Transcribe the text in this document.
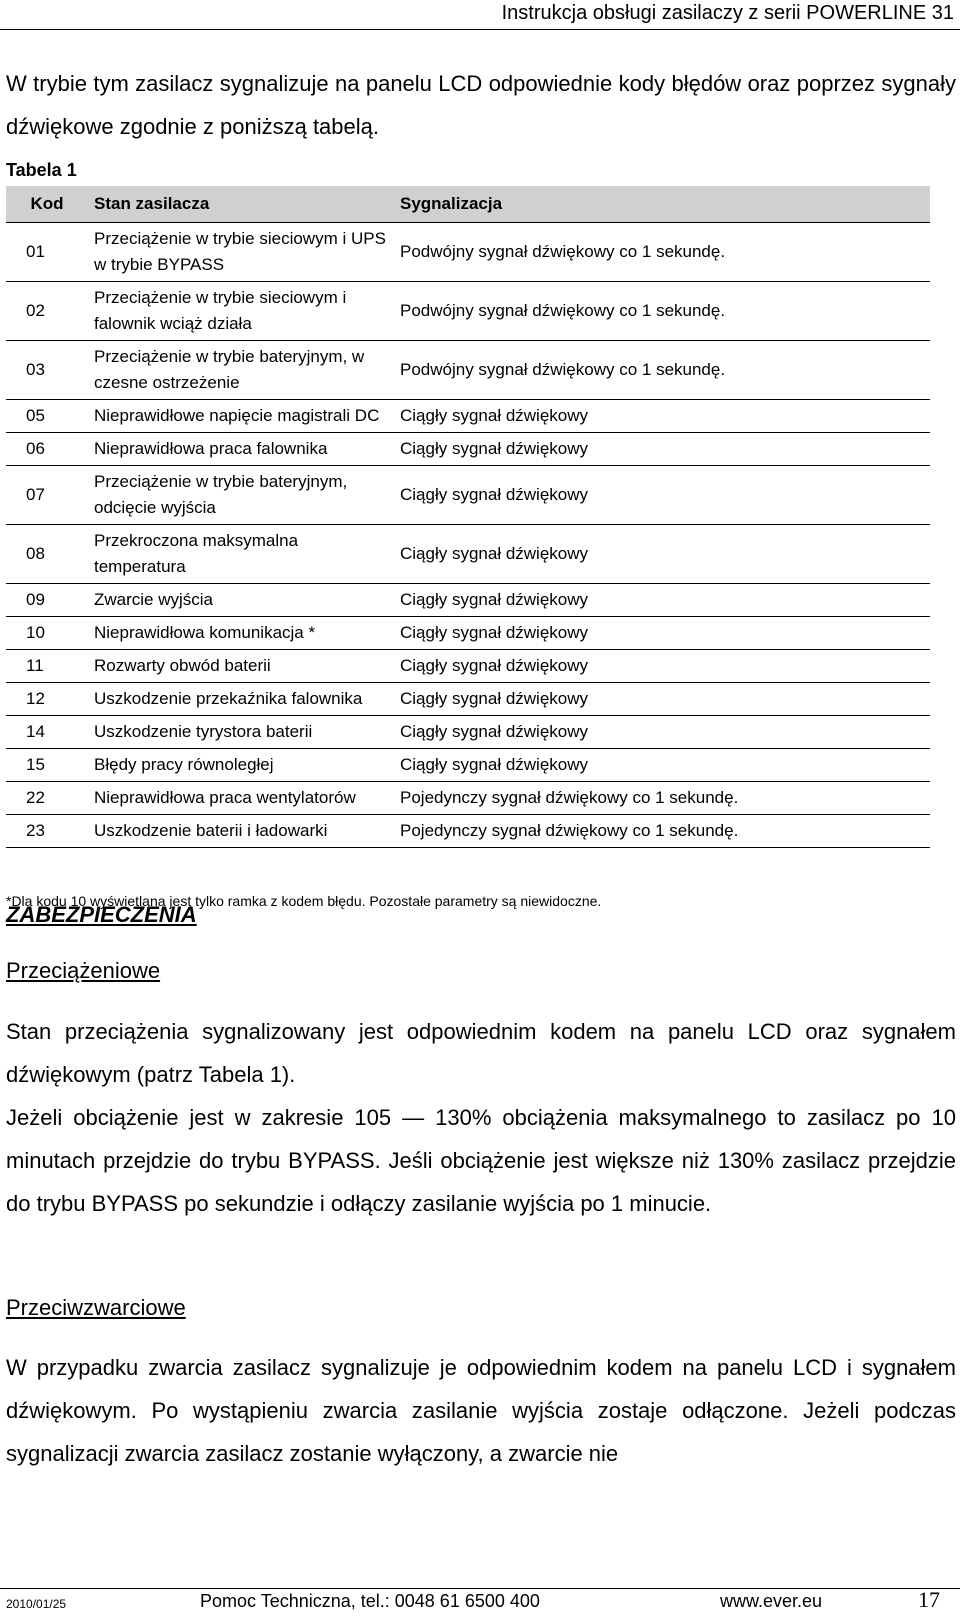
Instrukcja obsługi zasilaczy z serii POWERLINE 31

W trybie tym zasilacz sygnalizuje na panelu LCD odpowiednie kody błędów oraz poprzez sygnały dźwiękowe zgodnie z poniższą tabelą.

Tabela 1
Kod	Stan zasilacza	Sygnalizacja
01	Przeciążenie w trybie sieciowym i UPS w trybie BYPASS	Podwójny sygnał dźwiękowy co 1 sekundę.
02	Przeciążenie w trybie sieciowym i falownik wciąż działa	Podwójny sygnał dźwiękowy co 1 sekundę.
03	Przeciążenie w trybie bateryjnym, w czesne ostrzeżenie	Podwójny sygnał dźwiękowy co 1 sekundę.
05	Nieprawidłowe napięcie magistrali DC	Ciągły sygnał dźwiękowy
06	Nieprawidłowa praca falownika	Ciągły sygnał dźwiękowy
07	Przeciążenie w trybie bateryjnym, odcięcie wyjścia	Ciągły sygnał dźwiękowy
08	Przekroczona maksymalna temperatura	Ciągły sygnał dźwiękowy
09	Zwarcie wyjścia	Ciągły sygnał dźwiękowy
10	Nieprawidłowa komunikacja *	Ciągły sygnał dźwiękowy
11	Rozwarty obwód baterii	Ciągły sygnał dźwiękowy
12	Uszkodzenie przekaźnika falownika	Ciągły sygnał dźwiękowy
14	Uszkodzenie tyrystora baterii	Ciągły sygnał dźwiękowy
15	Błędy pracy równoległej	Ciągły sygnał dźwiękowy
22	Nieprawidłowa praca wentylatorów	Pojedynczy sygnał dźwiękowy co 1 sekundę.
23	Uszkodzenie baterii i ładowarki	Pojedynczy sygnał dźwiękowy co 1 sekundę.
*Dla kodu 10 wyświetlana jest tylko ramka z kodem błędu. Pozostałe parametry są niewidoczne.
ZABEZPIECZENIA
Przeciążeniowe

Stan przeciążenia sygnalizowany jest odpowiednim kodem na panelu LCD oraz sygnałem dźwiękowym (patrz Tabela 1).

Jeżeli obciążenie jest w zakresie 105 — 130% obciążenia maksymalnego to zasilacz po 10 minutach przejdzie do trybu BYPASS. Jeśli obciążenie jest większe niż 130% zasilacz przejdzie do trybu BYPASS po sekundzie i odłączy zasilanie wyjścia po 1 minucie.

Przeciwzwarciowe

W przypadku zwarcia zasilacz sygnalizuje je odpowiednim kodem na panelu LCD i sygnałem dźwiękowym. Po wystąpieniu zwarcia zasilanie wyjścia zostaje odłączone. Jeżeli podczas sygnalizacji zwarcia zasilacz zostanie wyłączony, a zwarcie nie

2010/01/25	Pomoc Techniczna, tel.: 0048 61 6500 400	www.ever.eu	17
